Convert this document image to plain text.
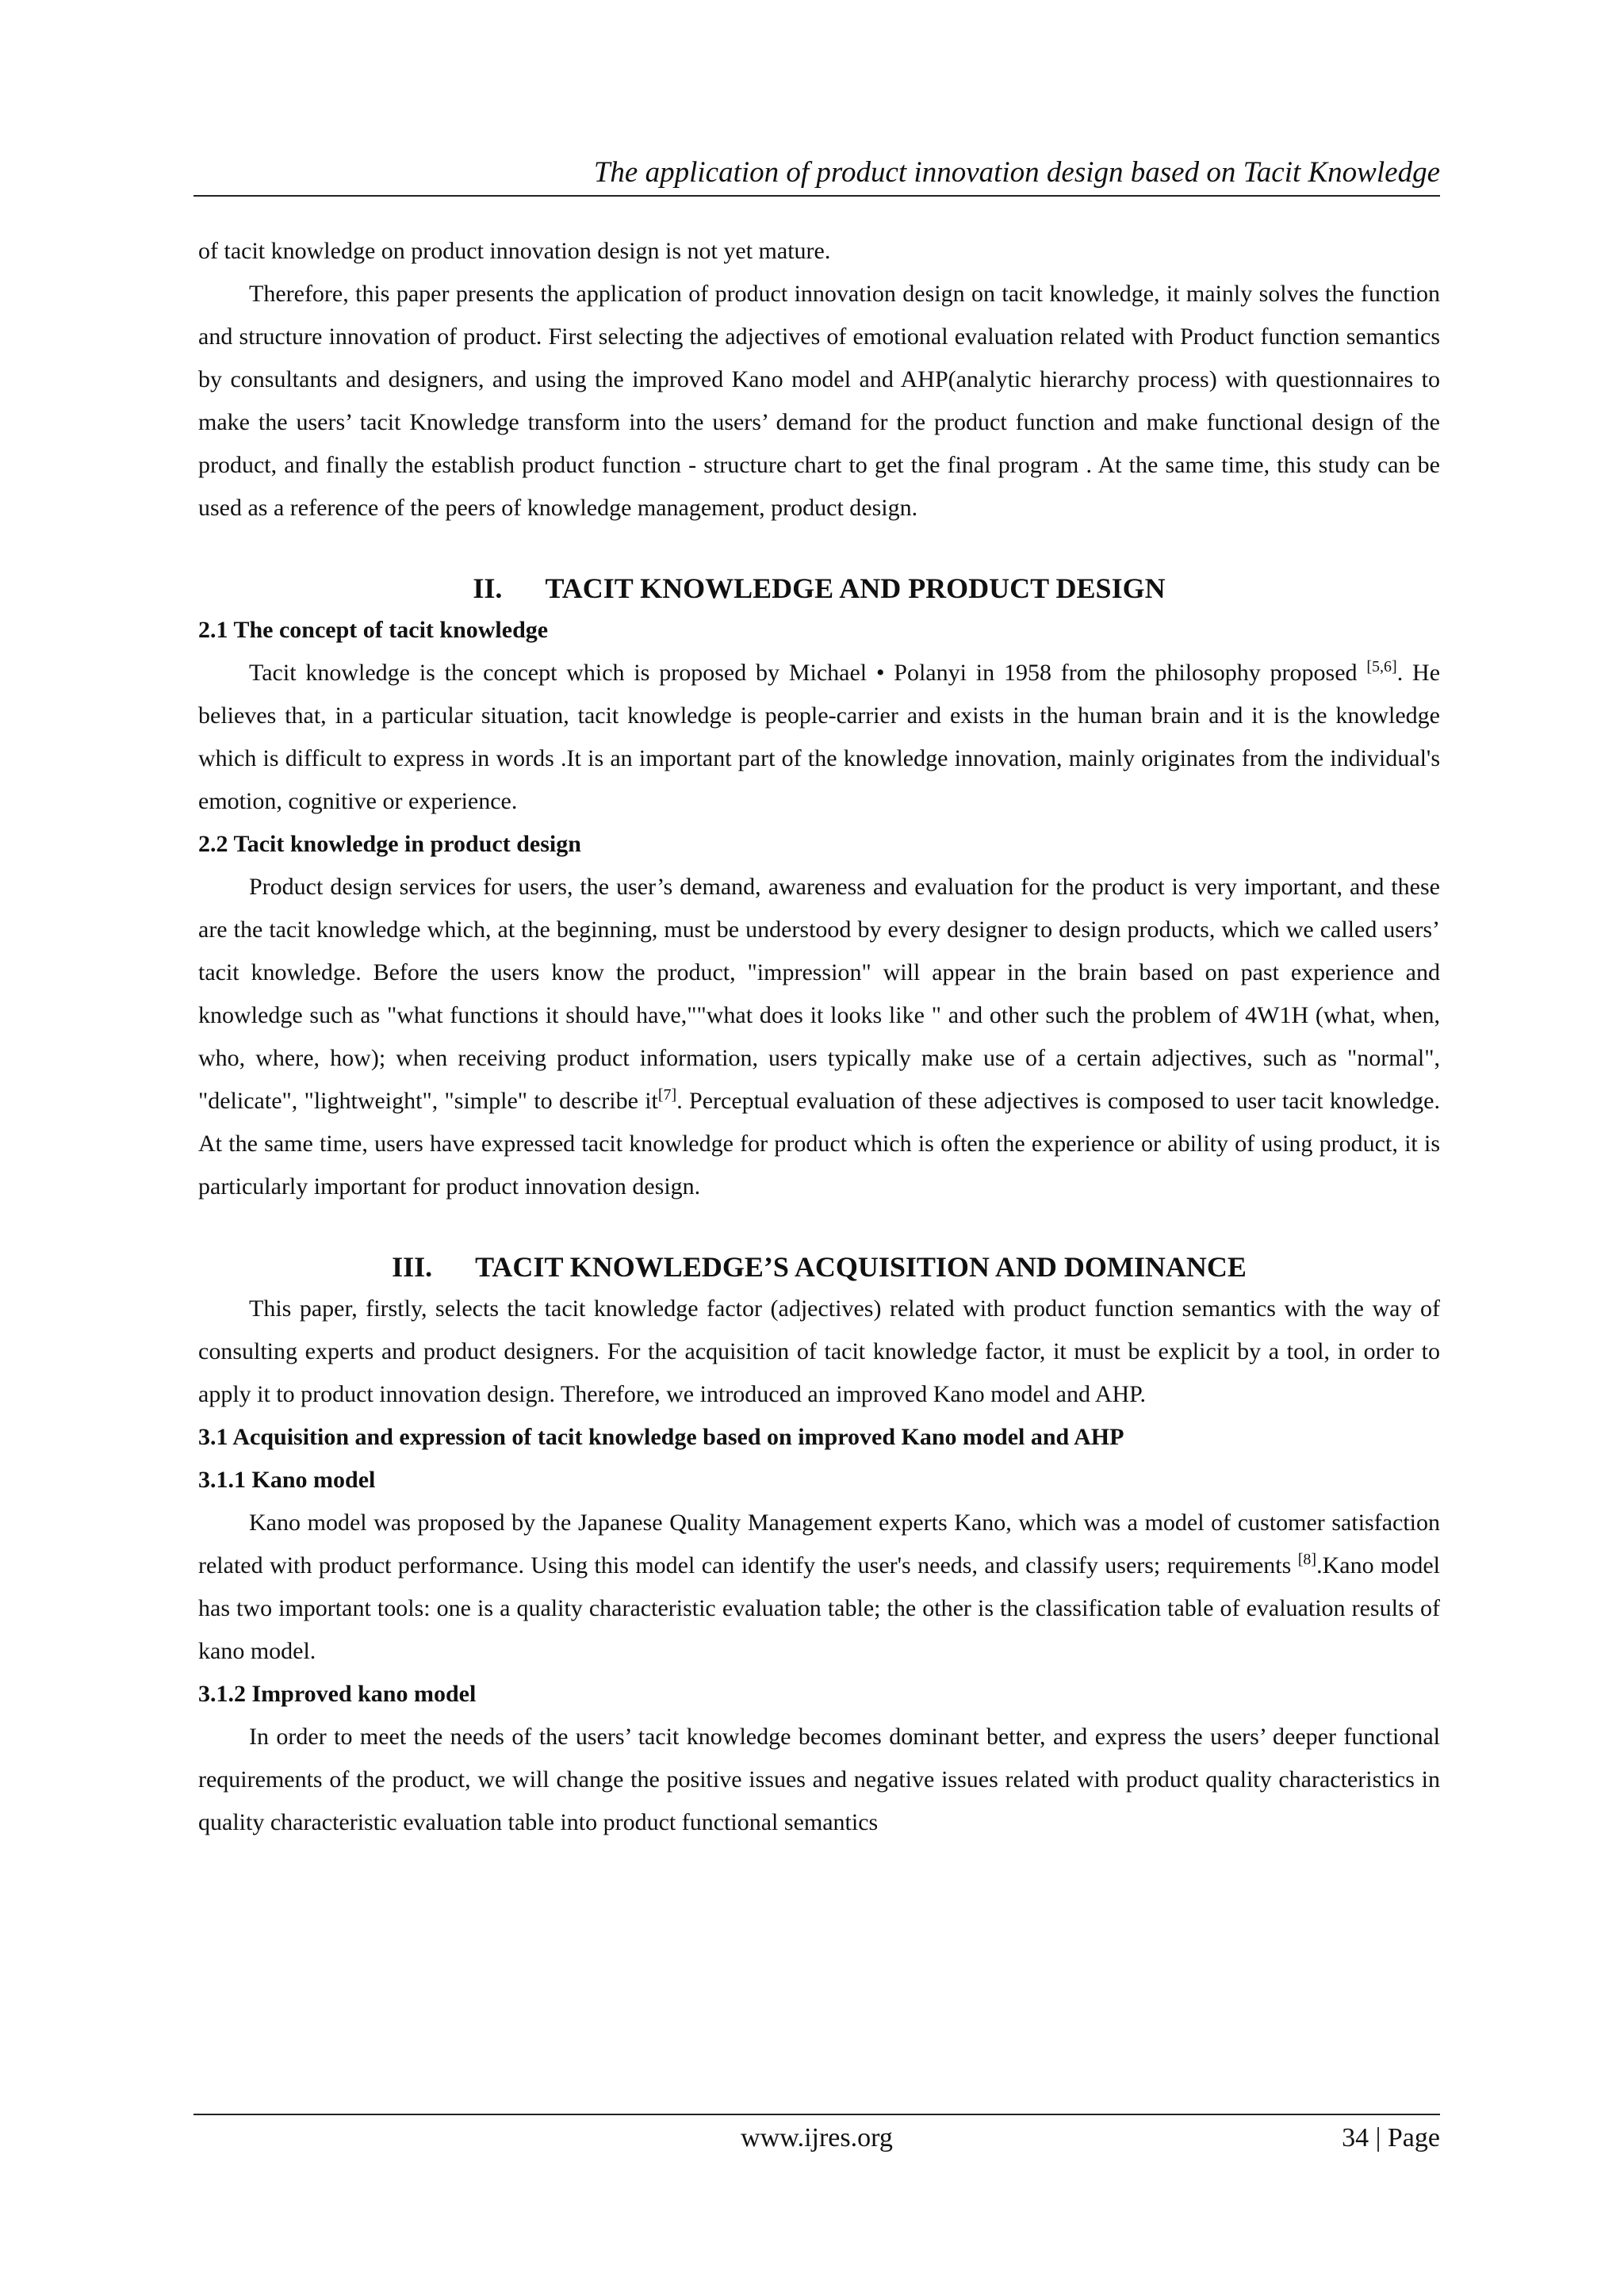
The application of product innovation design based on Tacit Knowledge

of tacit knowledge on product innovation design is not yet mature.

Therefore, this paper presents the application of product innovation design on tacit knowledge, it mainly solves the function and structure innovation of product. First selecting the adjectives of emotional evaluation related with Product function semantics by consultants and designers, and using the improved Kano model and AHP(analytic hierarchy process) with questionnaires to make the users’ tacit Knowledge transform into the users’ demand for the product function and make functional design of the product, and finally the establish product function - structure chart to get the final program . At the same time, this study can be used as a reference of the peers of knowledge management, product design.

II. TACIT KNOWLEDGE AND PRODUCT DESIGN
2.1 The concept of tacit knowledge

Tacit knowledge is the concept which is proposed by Michael • Polanyi in 1958 from the philosophy proposed [5,6]. He believes that, in a particular situation, tacit knowledge is people-carrier and exists in the human brain and it is the knowledge which is difficult to express in words .It is an important part of the knowledge innovation, mainly originates from the individual's emotion, cognitive or experience.

2.2 Tacit knowledge in product design

Product design services for users, the user’s demand, awareness and evaluation for the product is very important, and these are the tacit knowledge which, at the beginning, must be understood by every designer to design products, which we called users’ tacit knowledge. Before the users know the product, "impression" will appear in the brain based on past experience and knowledge such as "what functions it should have,""what does it looks like " and other such the problem of 4W1H (what, when, who, where, how); when receiving product information, users typically make use of a certain adjectives, such as "normal", "delicate", "lightweight", "simple" to describe it[7]. Perceptual evaluation of these adjectives is composed to user tacit knowledge. At the same time, users have expressed tacit knowledge for product which is often the experience or ability of using product, it is particularly important for product innovation design.

III. TACIT KNOWLEDGE’S ACQUISITION AND DOMINANCE

This paper, firstly, selects the tacit knowledge factor (adjectives) related with product function semantics with the way of consulting experts and product designers. For the acquisition of tacit knowledge factor, it must be explicit by a tool, in order to apply it to product innovation design. Therefore, we introduced an improved Kano model and AHP.

3.1 Acquisition and expression of tacit knowledge based on improved Kano model and AHP
3.1.1 Kano model

Kano model was proposed by the Japanese Quality Management experts Kano, which was a model of customer satisfaction related with product performance. Using this model can identify the user's needs, and classify users; requirements [8].Kano model has two important tools: one is a quality characteristic evaluation table; the other is the classification table of evaluation results of kano model.

3.1.2 Improved kano model

In order to meet the needs of the users’ tacit knowledge becomes dominant better, and express the users’ deeper functional requirements of the product, we will change the positive issues and negative issues related with product quality characteristics in quality characteristic evaluation table into product functional semantics

www.ijres.org	34 | Page
